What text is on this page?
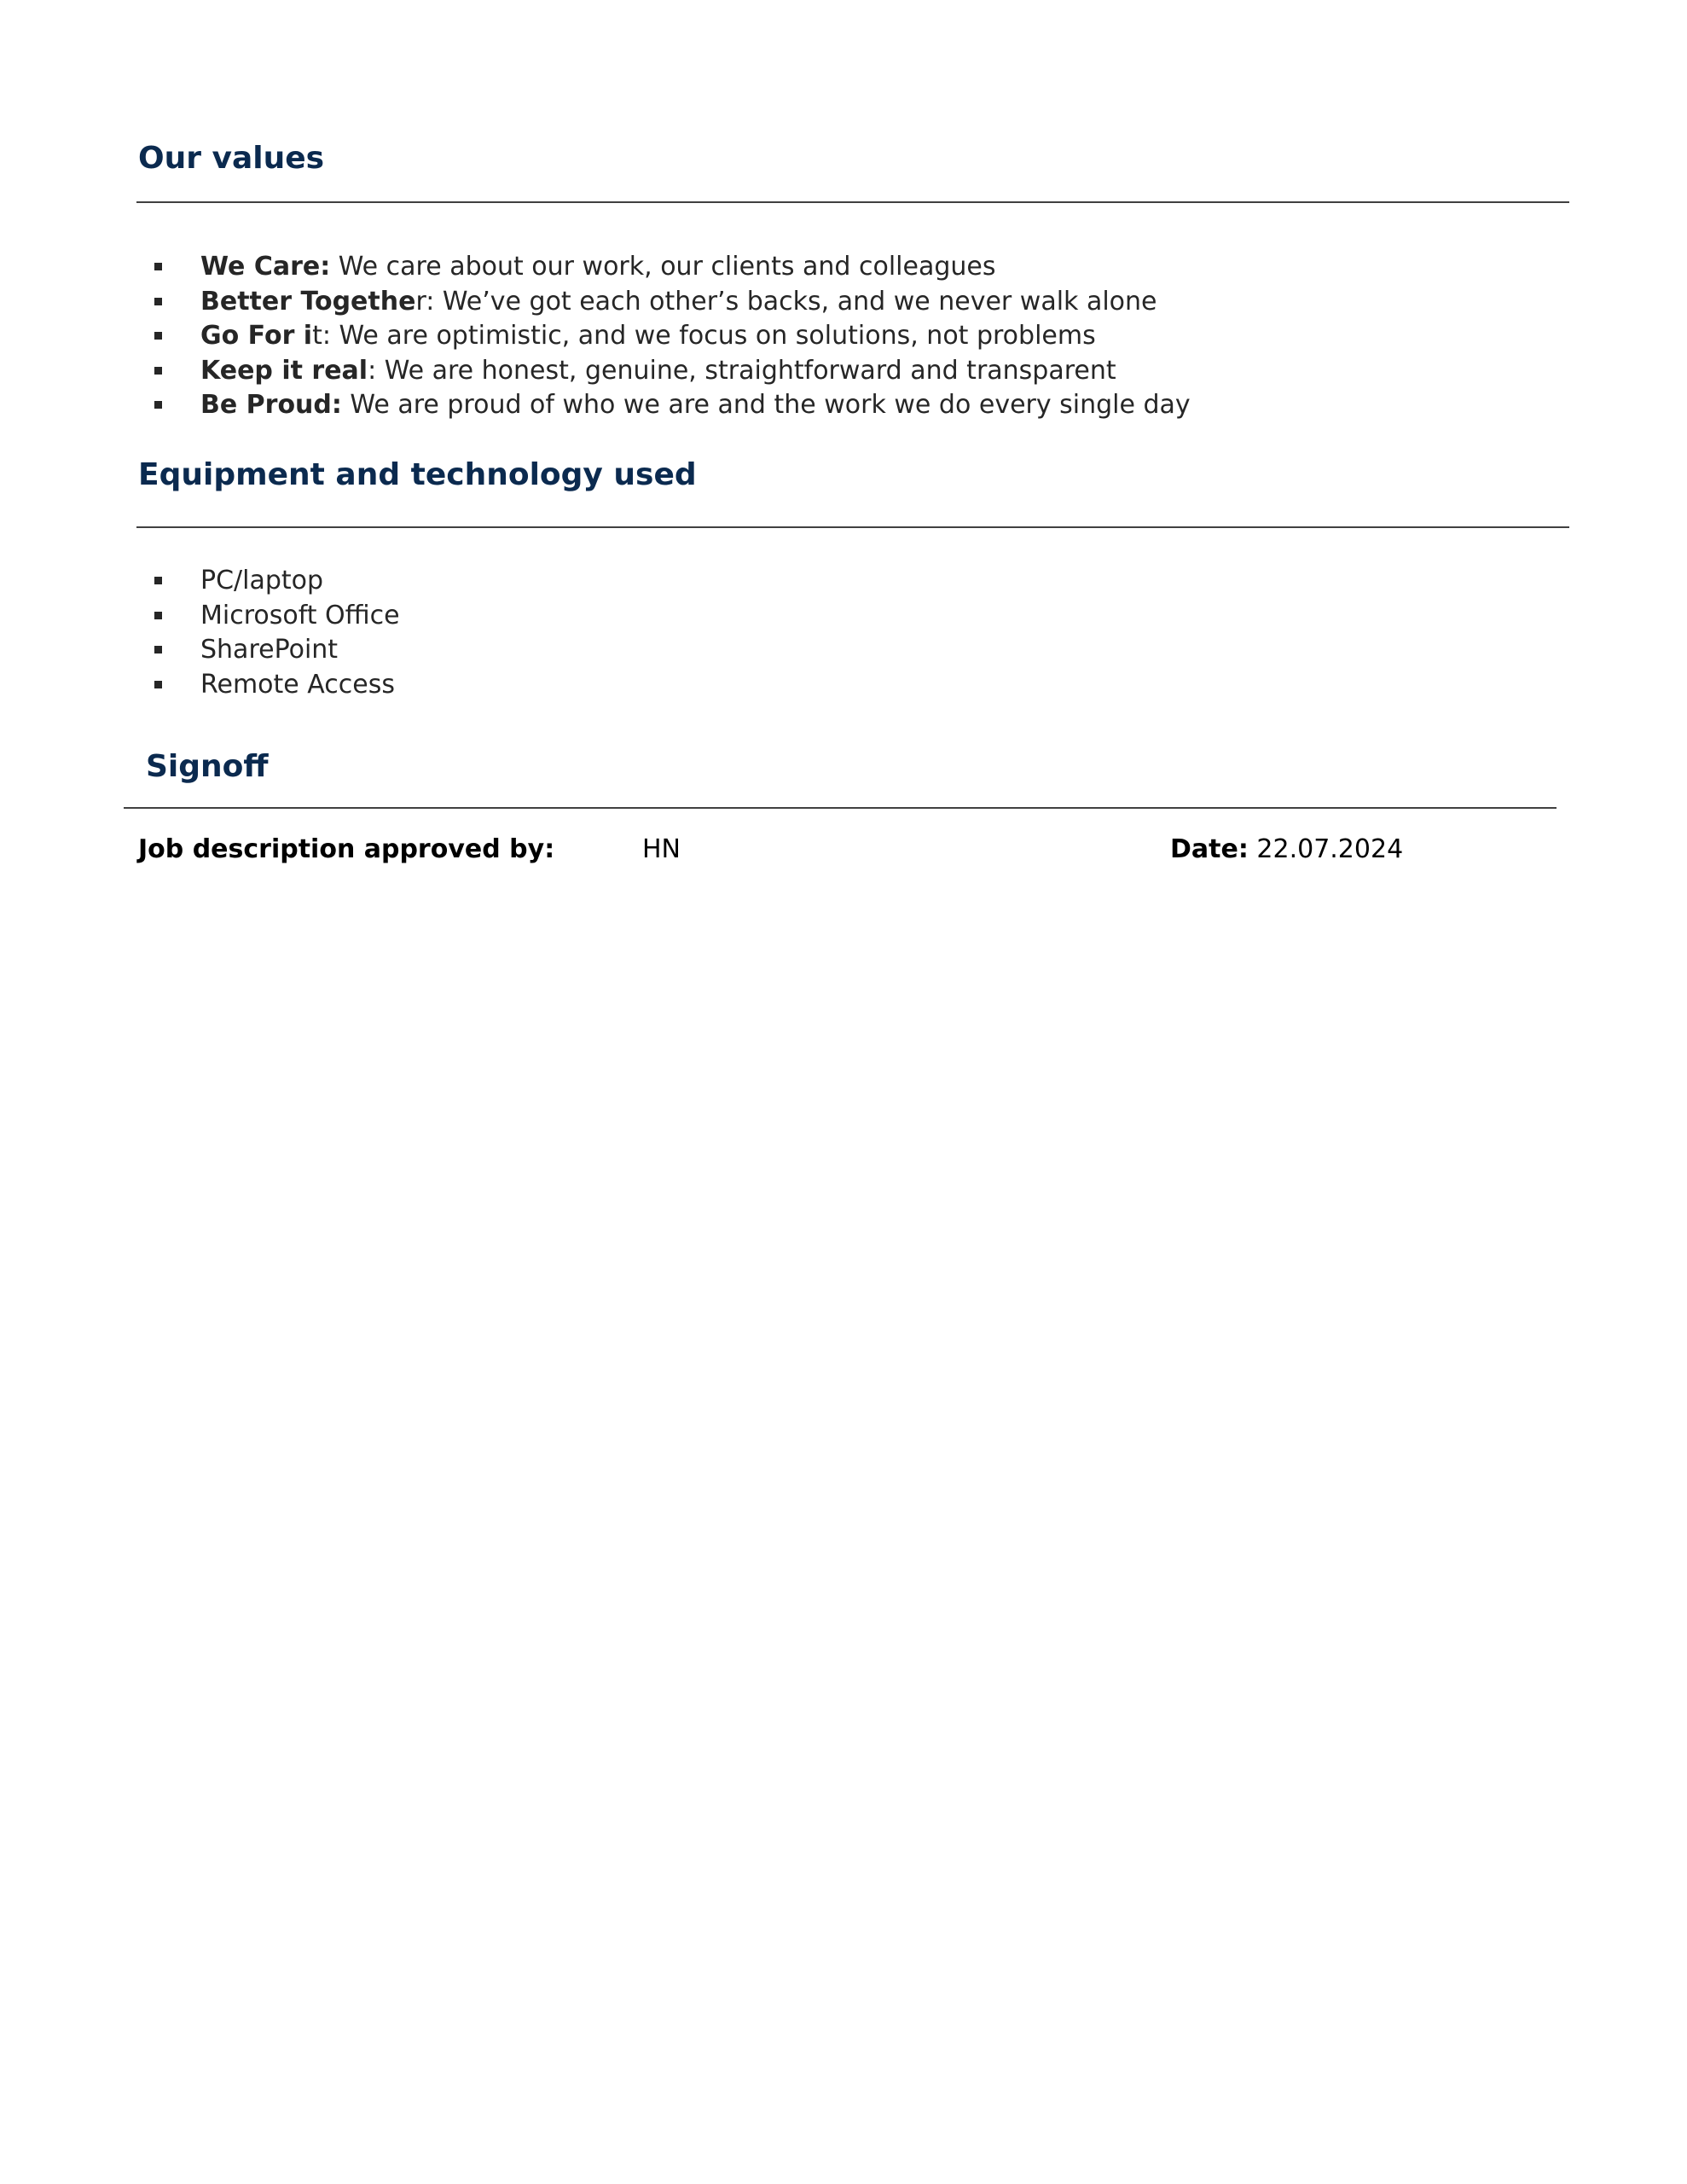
Our values
We Care: We care about our work, our clients and colleagues
Better Together: We’ve got each other’s backs, and we never walk alone
Go For it: We are optimistic, and we focus on solutions, not problems
Keep it real: We are honest, genuine, straightforward and transparent
Be Proud: We are proud of who we are and the work we do every single day
Equipment and technology used
PC/laptop
Microsoft Office
SharePoint
Remote Access
Signoff
Job description approved by:	HN	Date: 22.07.2024
